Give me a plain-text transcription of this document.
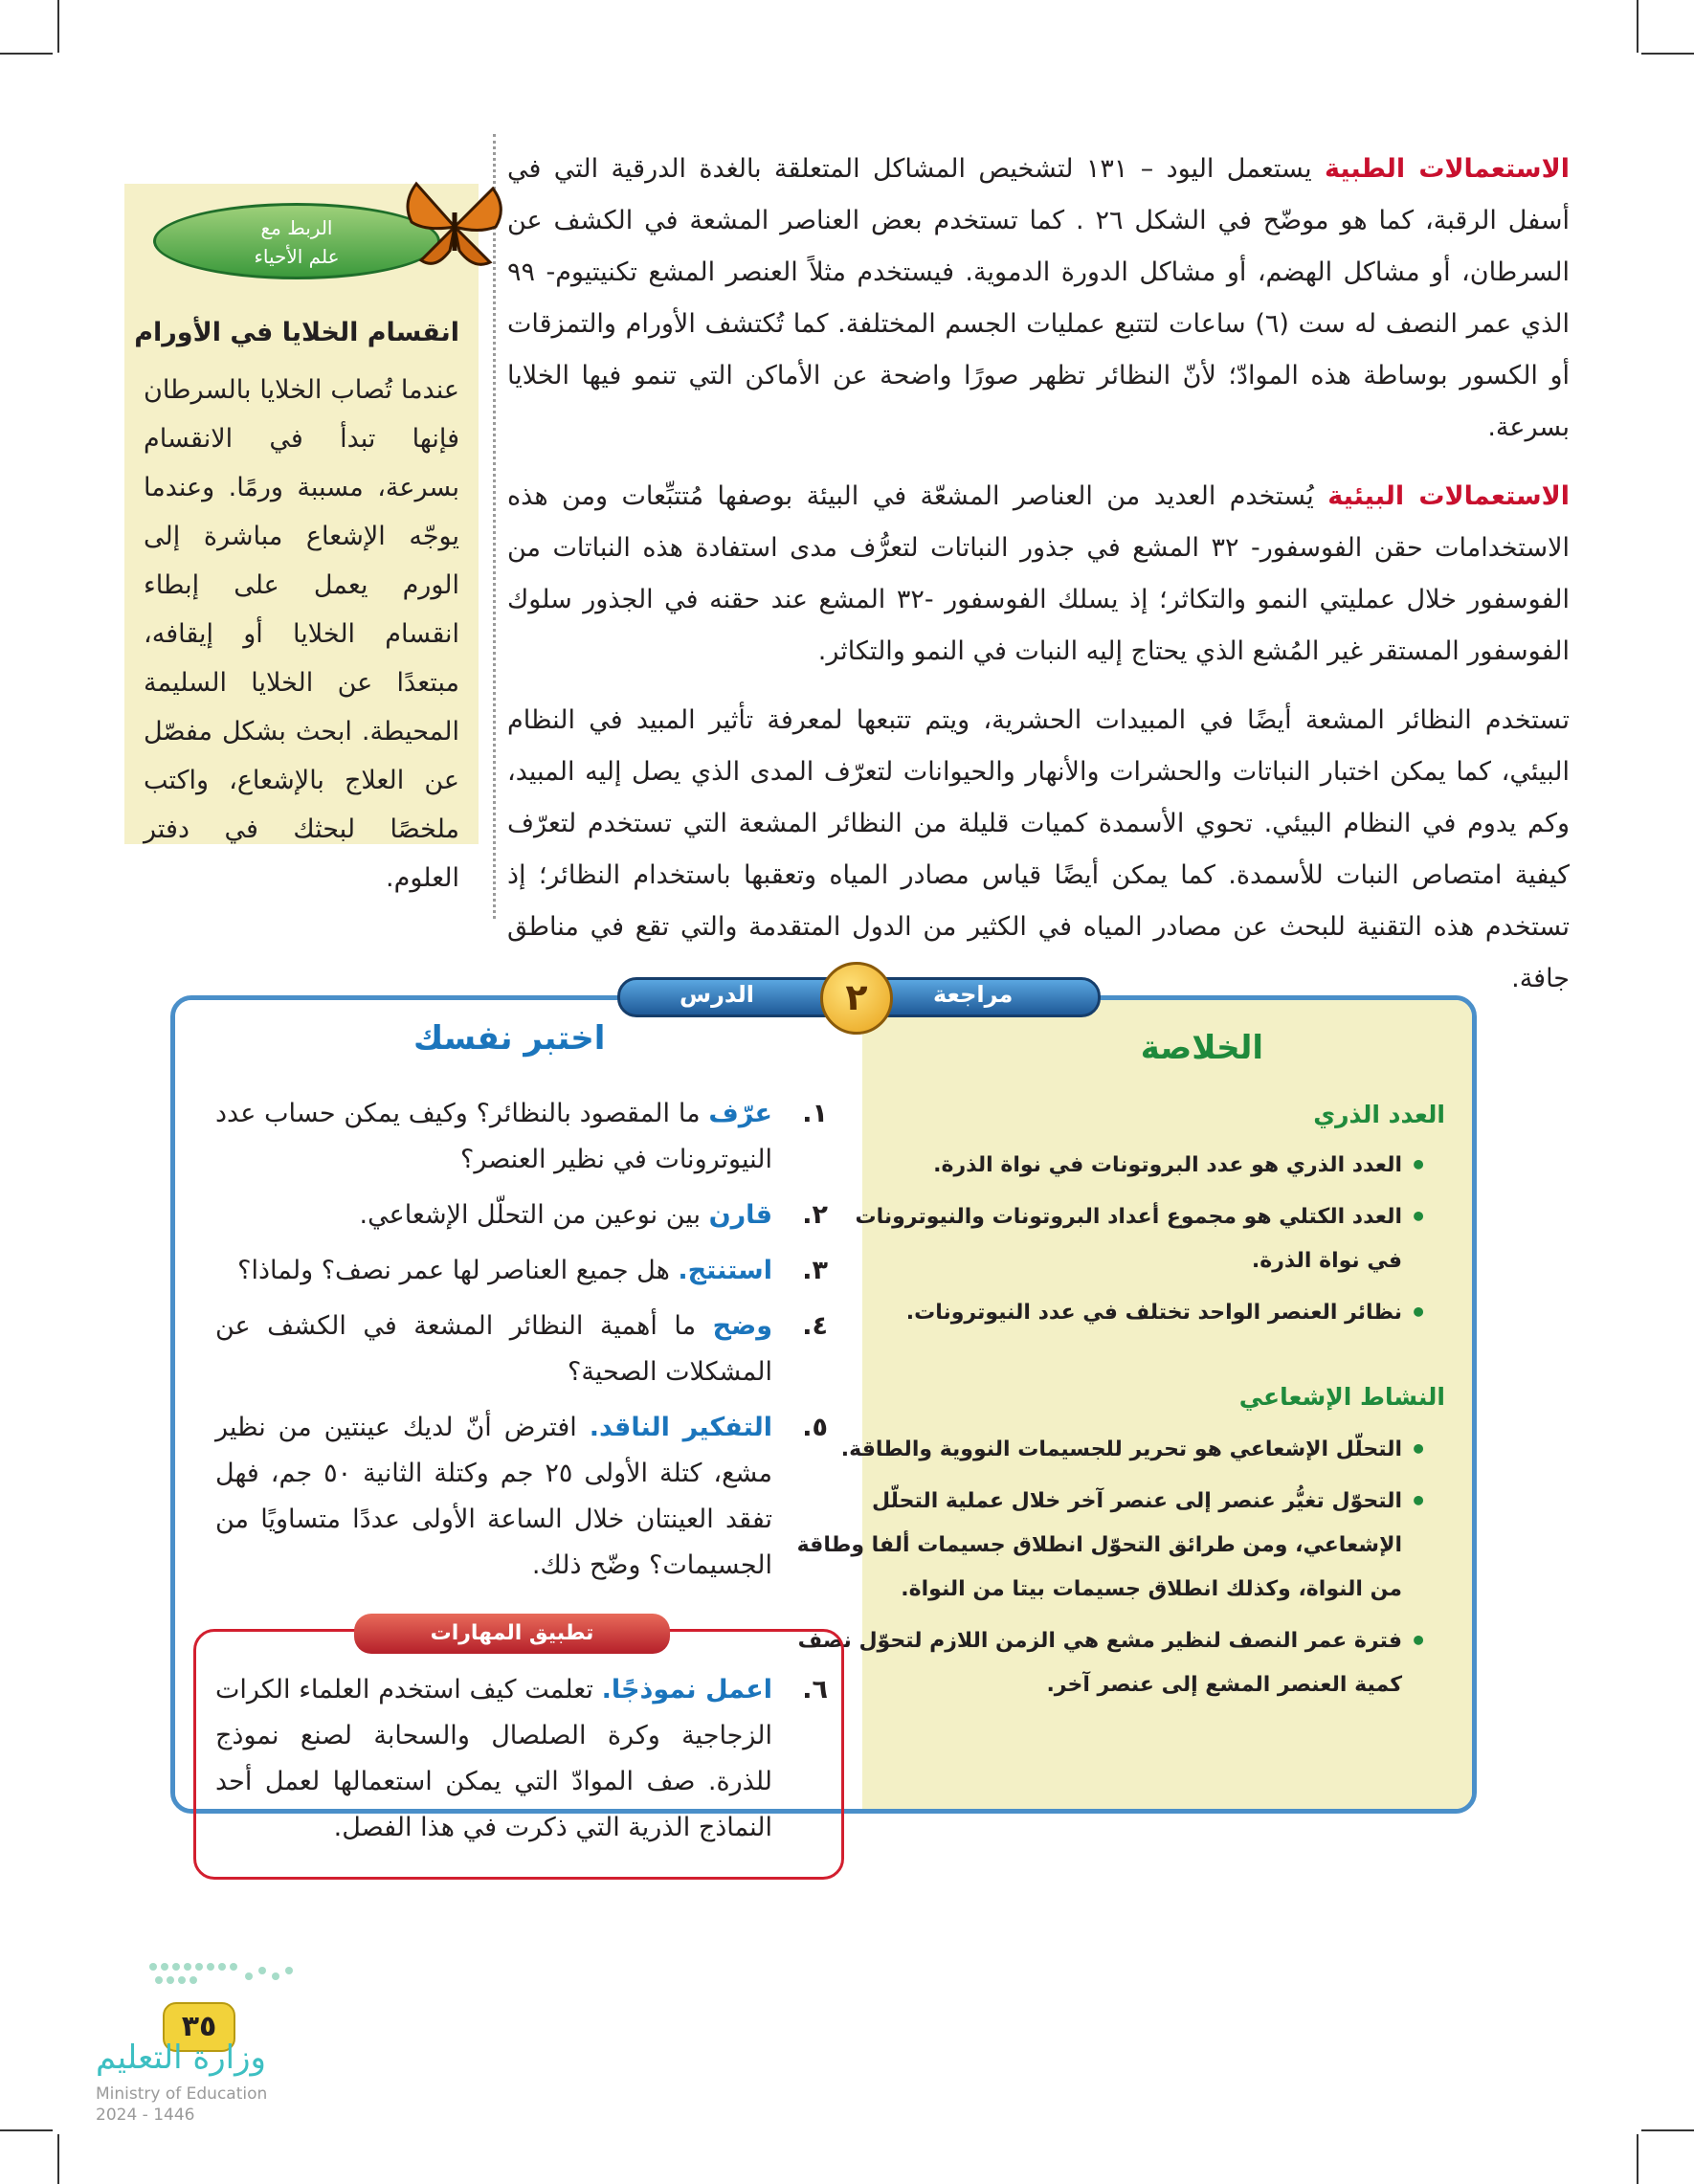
الاستعمالات الطبية يستعمل اليود – ١٣١ لتشخيص المشاكل المتعلقة بالغدة الدرقية التي في أسفل الرقبة، كما هو موضّح في الشكل ٢٦ . كما تستخدم بعض العناصر المشعة في الكشف عن السرطان، أو مشاكل الهضم، أو مشاكل الدورة الدموية. فيستخدم مثلاً العنصر المشع تكنيتيوم- ٩٩ الذي عمر النصف له ست (٦) ساعات لتتبع عمليات الجسم المختلفة. كما تُكتشف الأورام والتمزقات أو الكسور بوساطة هذه الموادّ؛ لأنّ النظائر تظهر صورًا واضحة عن الأماكن التي تنمو فيها الخلايا بسرعة.

الاستعمالات البيئية يُستخدم العديد من العناصر المشعّة في البيئة بوصفها مُتتبِّعات ومن هذه الاستخدامات حقن الفوسفور- ٣٢ المشع في جذور النباتات لتعرُّف مدى استفادة هذه النباتات من الفوسفور خلال عمليتي النمو والتكاثر؛ إذ يسلك الفوسفور -٣٢ المشع عند حقنه في الجذور سلوك الفوسفور المستقر غير المُشع الذي يحتاج إليه النبات في النمو والتكاثر.

تستخدم النظائر المشعة أيضًا في المبيدات الحشرية، ويتم تتبعها لمعرفة تأثير المبيد في النظام البيئي، كما يمكن اختبار النباتات والحشرات والأنهار والحيوانات لتعرّف المدى الذي يصل إليه المبيد، وكم يدوم في النظام البيئي. تحوي الأسمدة كميات قليلة من النظائر المشعة التي تستخدم لتعرّف كيفية امتصاص النبات للأسمدة. كما يمكن أيضًا قياس مصادر المياه وتعقبها باستخدام النظائر؛ إذ تستخدم هذه التقنية للبحث عن مصادر المياه في الكثير من الدول المتقدمة والتي تقع في مناطق جافة.

الربط مع
علم الأحياء
انقسام الخلايا في الأورام
عندما تُصاب الخلايا بالسرطان فإنها تبدأ في الانقسام بسرعة، مسببة ورمًا. وعندما يوجّه الإشعاع مباشرة إلى الورم يعمل على إبطاء انقسام الخلايا أو إيقافه، مبتعدًا عن الخلايا السليمة المحيطة. ابحث بشكل مفصّل عن العلاج بالإشعاع، واكتب ملخصًا لبحثك في دفتر العلوم.
مراجعة
الدرس	٢
الخلاصة
العدد الذري
• العدد الذري هو عدد البروتونات في نواة الذرة.
• العدد الكتلي هو مجموع أعداد البروتونات والنيوترونات في نواة الذرة.
• نظائر العنصر الواحد تختلف في عدد النيوترونات.
النشاط الإشعاعي
• التحلّل الإشعاعي هو تحرير للجسيمات النووية والطاقة.
• التحوّل تغيُّر عنصر إلى عنصر آخر خلال عملية التحلّل الإشعاعي، ومن طرائق التحوّل انطلاق جسيمات ألفا وطاقة من النواة، وكذلك انطلاق جسيمات بيتا من النواة.
• فترة عمر النصف لنظير مشع هي الزمن اللازم لتحوّل نصف كمية العنصر المشع إلى عنصر آخر.
اختبر نفسك
١.
عرّف ما المقصود بالنظائر؟ وكيف يمكن حساب عدد النيوترونات في نظير العنصر؟
٢.
قارن بين نوعين من التحلّل الإشعاعي.
٣.
استنتج. هل جميع العناصر لها عمر نصف؟ ولماذا؟
٤.
وضح ما أهمية النظائر المشعة في الكشف عن المشكلات الصحية؟
٥.
التفكير الناقد. افترض أنّ لديك عينتين من نظير مشع، كتلة الأولى ٢٥ جم وكتلة الثانية ٥٠ جم، فهل تفقد العينتان خلال الساعة الأولى عددًا متساويًا من الجسيمات؟ وضّح ذلك.
تطبيق المهارات
٦.
اعمل نموذجًا. تعلمت كيف استخدم العلماء الكرات الزجاجية وكرة الصلصال والسحابة لصنع نموذج للذرة. صف الموادّ التي يمكن استعمالها لعمل أحد النماذج الذرية التي ذكرت في هذا الفصل.
٣٥
وزارة التعليم
Ministry of Education
2024 - 1446
